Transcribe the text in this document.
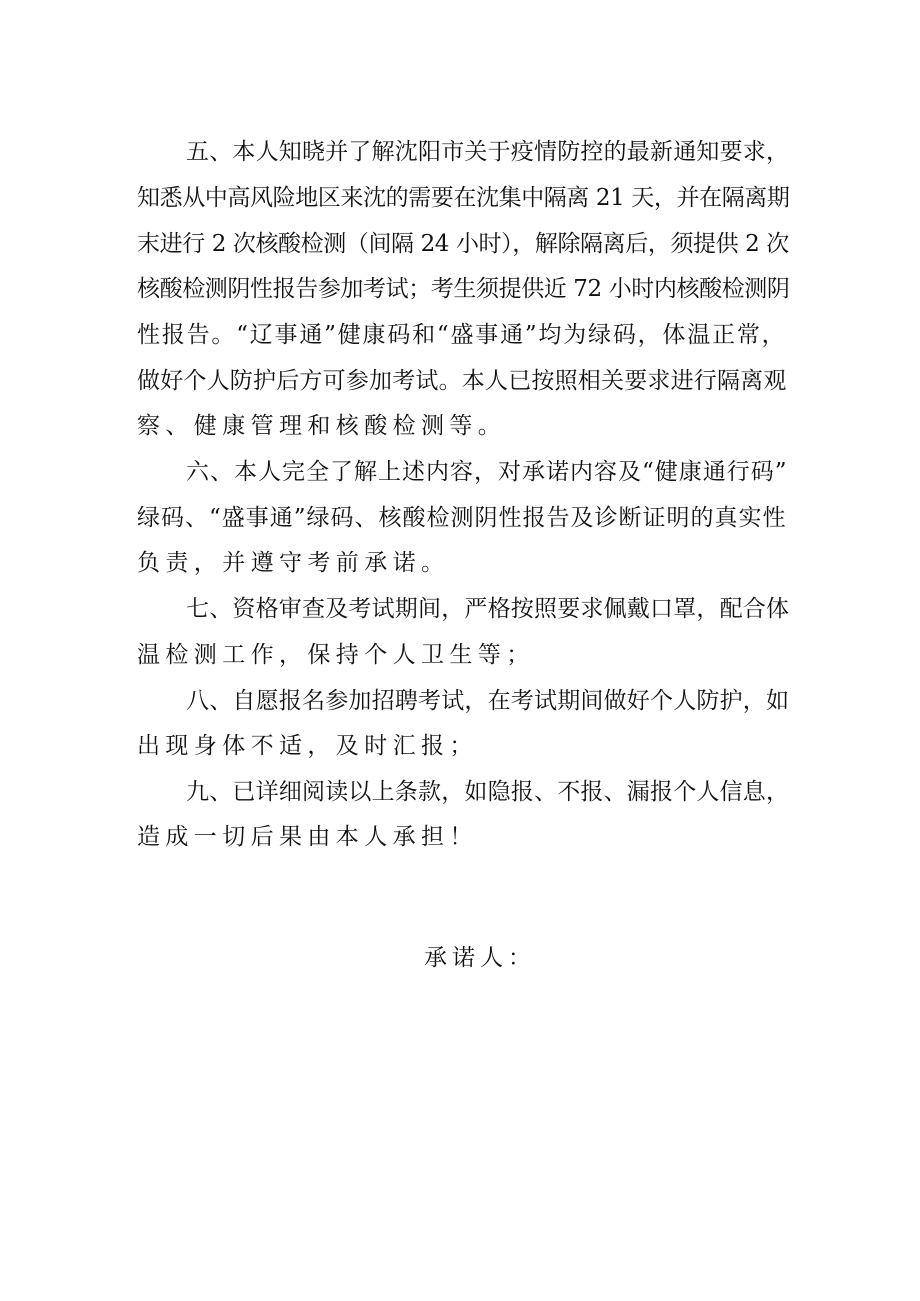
五、本人知晓并了解沈阳市关于疫情防控的最新通知要求，
知悉从中高风险地区来沈的需要在沈集中隔离 21 天，并在隔离期
末进行 2 次核酸检测（间隔 24 小时），解除隔离后，须提供 2 次
核酸检测阴性报告参加考试；考生须提供近 72 小时内核酸检测阴
性报告。“辽事通”健康码和“盛事通”均为绿码，体温正常，
做好个人防护后方可参加考试。本人已按照相关要求进行隔离观
察、健康管理和核酸检测等。
六、本人完全了解上述内容，对承诺内容及“健康通行码”
绿码、“盛事通”绿码、核酸检测阴性报告及诊断证明的真实性
负责，并遵守考前承诺。
七、资格审查及考试期间，严格按照要求佩戴口罩，配合体
温检测工作，保持个人卫生等；
八、自愿报名参加招聘考试，在考试期间做好个人防护，如
出现身体不适，及时汇报；
九、已详细阅读以上条款，如隐报、不报、漏报个人信息，
造成一切后果由本人承担！
承诺人：
